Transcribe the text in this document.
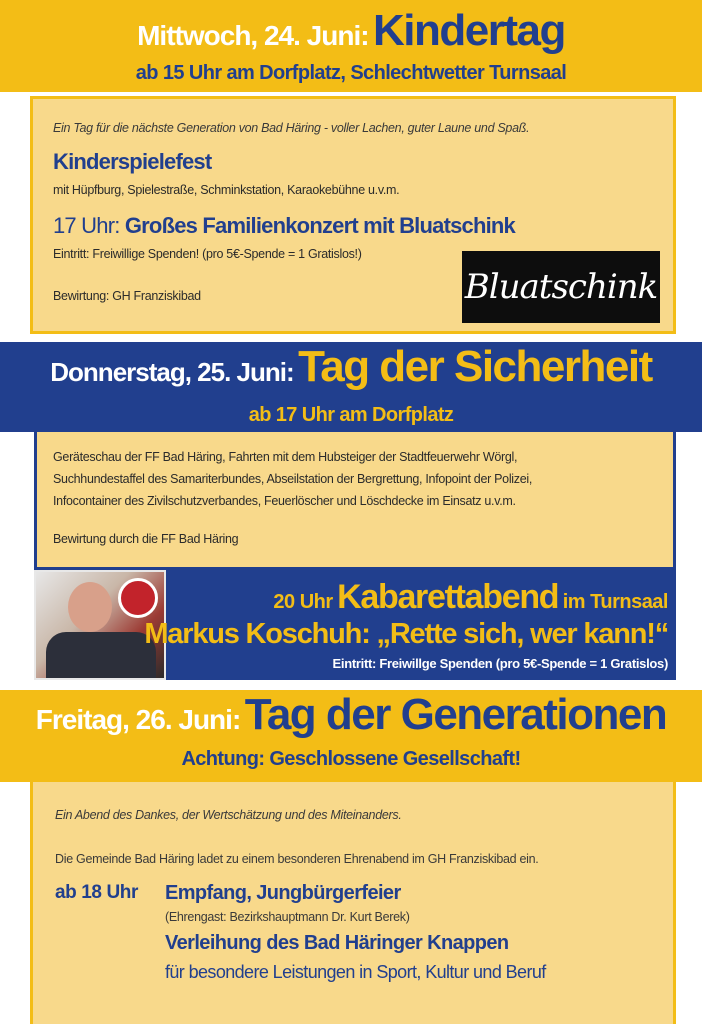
Mittwoch, 24. Juni: Kindertag
ab 15 Uhr am Dorfplatz, Schlechtwetter Turnsaal
Ein Tag für die nächste Generation von Bad Häring - voller Lachen, guter Laune und Spaß.
Kinderspielefest
mit Hüpfburg, Spielestraße, Schminkstation, Karaokebühne u.v.m.
17 Uhr: Großes Familienkonzert mit Bluatschink
Eintritt: Freiwillige Spenden! (pro 5€-Spende = 1 Gratislos!)
Bewirtung: GH Franziskibad	Bluatschink
Donnerstag, 25. Juni: Tag der Sicherheit
ab 17 Uhr am Dorfplatz
Geräteschau der FF Bad Häring, Fahrten mit dem Hubsteiger der Stadtfeuerwehr Wörgl,
Suchhundestaffel des Samariterbundes, Abseilstation der Bergrettung, Infopoint der Polizei,
Infocontainer des Zivilschutzverbandes, Feuerlöscher und Löschdecke im Einsatz u.v.m.
Bewirtung durch die FF Bad Häring
20 Uhr Kabarettabend im Turnsaal
Markus Koschuh: „Rette sich, wer kann!“
Eintritt: Freiwillge Spenden (pro 5€-Spende = 1 Gratislos)
Freitag, 26. Juni: Tag der Generationen
Achtung: Geschlossene Gesellschaft!
Ein Abend des Dankes, der Wertschätzung und des Miteinanders.
Die Gemeinde Bad Häring ladet zu einem besonderen Ehrenabend im GH Franziskibad ein.
ab 18 Uhr Empfang, Jungbürgerfeier
(Ehrengast: Bezirkshauptmann Dr. Kurt Berek)
Verleihung des Bad Häringer Knappen
für besondere Leistungen in Sport, Kultur und Beruf
